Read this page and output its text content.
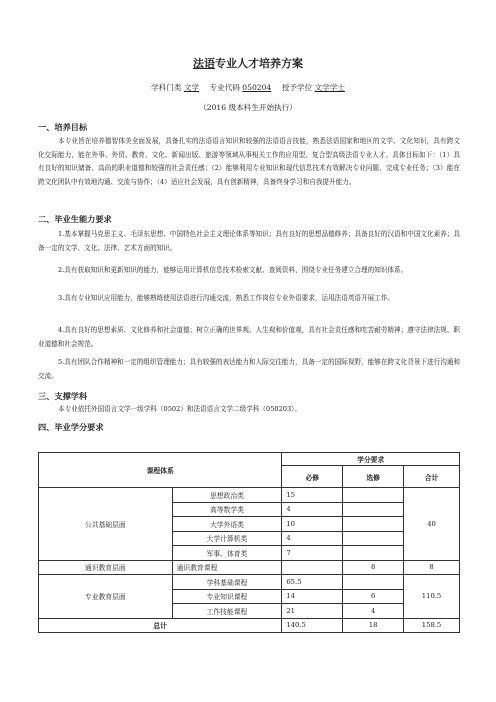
法语专业人才培养方案
学科门类 文学 专业代码 050204 授予学位 文学学士
（2016 级本科生开始执行）
一、培养目标
本专业旨在培养德智体美全面发展，具备扎实的法语语言知识和较强的法语语言技能，熟悉法语国家和地区的文学、文化知识，具有跨文化交际能力，能在外事、外贸、教育、文化、新闻出版、旅游等领域从事相关工作的应用型、复合型高级法语专业人才。具体目标如下：（1）具有良好的知识储备、高尚的职业道德和较强的社会责任感；（2）能够利用专业知识和现代信息技术有效解决专业问题、完成专业任务；（3）能在跨文化团队中有效地沟通、交流与协作；（4）适应社会发展，具有创新精神，具备终身学习和自我提升能力。
二、毕业生能力要求
1.基本掌握马克思主义、毛泽东思想、中国特色社会主义理论体系等知识；具有良好的思想品德修养；具备良好的汉语和中国文化素养；具备一定的文学、文化、法律、艺术方面的知识。
2.具有获取知识和更新知识的能力，能够运用计算机信息技术检索文献、查阅资料，围绕专业任务建立合理的知识体系。
3.具有专业知识应用能力，能够熟练使用法语进行沟通交流，熟悉工作岗位专业外语要求，运用法语英语开展工作。
4.具有良好的思想素质、文化修养和社会道德；树立正确的世界观、人生观和价值观，具有社会责任感和吃苦耐劳精神；遵守法律法规、职业道德和社会规范。
5.具有团队合作精神和一定的组织管理能力；具有较强的表达能力和人际交往能力，具备一定的国际视野，能够在跨文化背景下进行沟通和交流。
三、支撑学科
本专业依托外国语言文学一级学科（0502）和法语语言文学二级学科（050203）。
四、毕业学分要求
课程体系		学分要求		
		必修	选修	合计
公共基础层面	思想政治类	15		40
	高等数学类	4		
	大学外语类	10		
	大学计算机类	4		
	军事、体育类	7		
通识教育层面	通识教育课程		8	8
专业教育层面	学科基础课程	65.5		110.5
	专业知识课程	14	6	
	工作技能课程	21	4	
总计		140.5	18	158.5
